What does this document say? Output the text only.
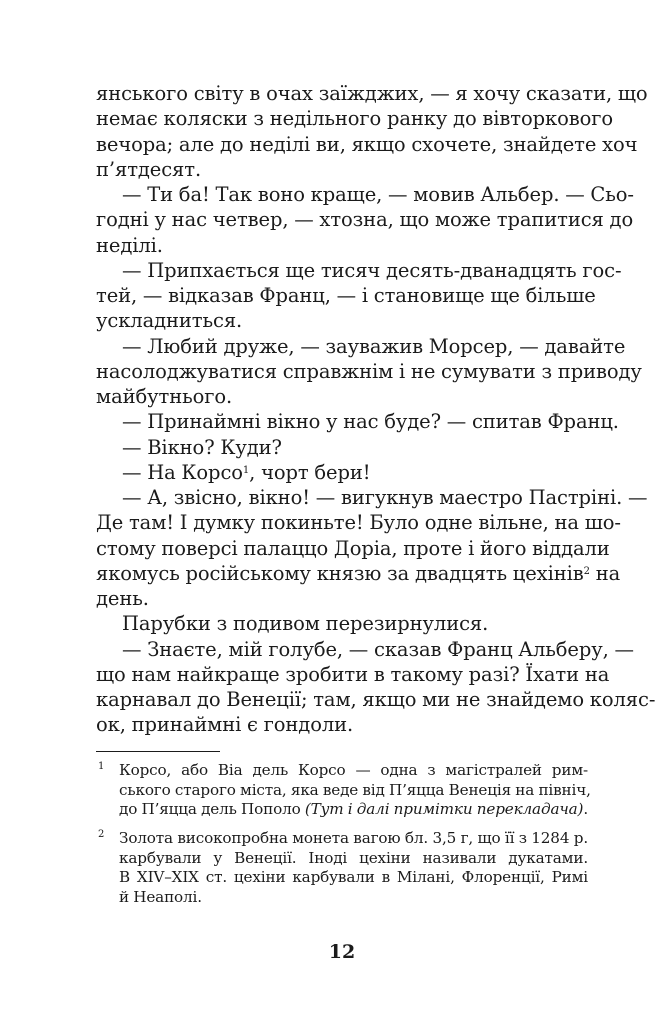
янського світу в очах заїжджих, — я хочу сказати, що
немає коляски з недільного ранку до вівторкового
вечора; але до неділі ви, якщо схочете, знайдете хоч
п’ятдесят.
— Ти ба! Так воно краще, — мовив Альбер. — Сьо-
годні у нас четвер, — хтозна, що може трапитися до
неділі.
— Припхається ще тисяч десять-дванадцять гос-
тей, — відказав Франц, — і становище ще більше
ускладниться.
— Любий друже, — зауважив Морсер, — давайте
насолоджуватися справжнім і не сумувати з приводу
майбутнього.
— Принаймні вікно у нас буде? — спитав Франц.
— Вікно? Куди?
— На Корсо$^1$, чорт бери!
— А, звісно, вікно! — вигукнув маестро Пастріні. —
Де там! І думку покиньте! Було одне вільне, на шо-
стому поверсі палаццо Доріа, проте і його віддали
якомусь російському князю за двадцять цехінів$^2$ на
день.
Парубки з подивом перезирнулися.
— Знаєте, мій голубе, — сказав Франц Альберу, —
що нам найкраще зробити в такому разі? Їхати на
карнавал до Венеції; там, якщо ми не знайдемо коляс-
ок, принаймні є гондоли.
1 Корсо, або Віа дель Корсо — одна з магістралей рим-
ського старого міста, яка веде від П’яцца Венеція на північ,
до П’яцца дель Пополо (Тут і далі примітки перекладача).
2 Золота високопробна монета вагою бл. 3,5 г, що її з 1284 р.
карбували у Венеції. Іноді цехіни називали дукатами.
В XIV–XIX ст. цехіни карбували в Мілані, Флоренції, Римі
й Неаполі.
12
